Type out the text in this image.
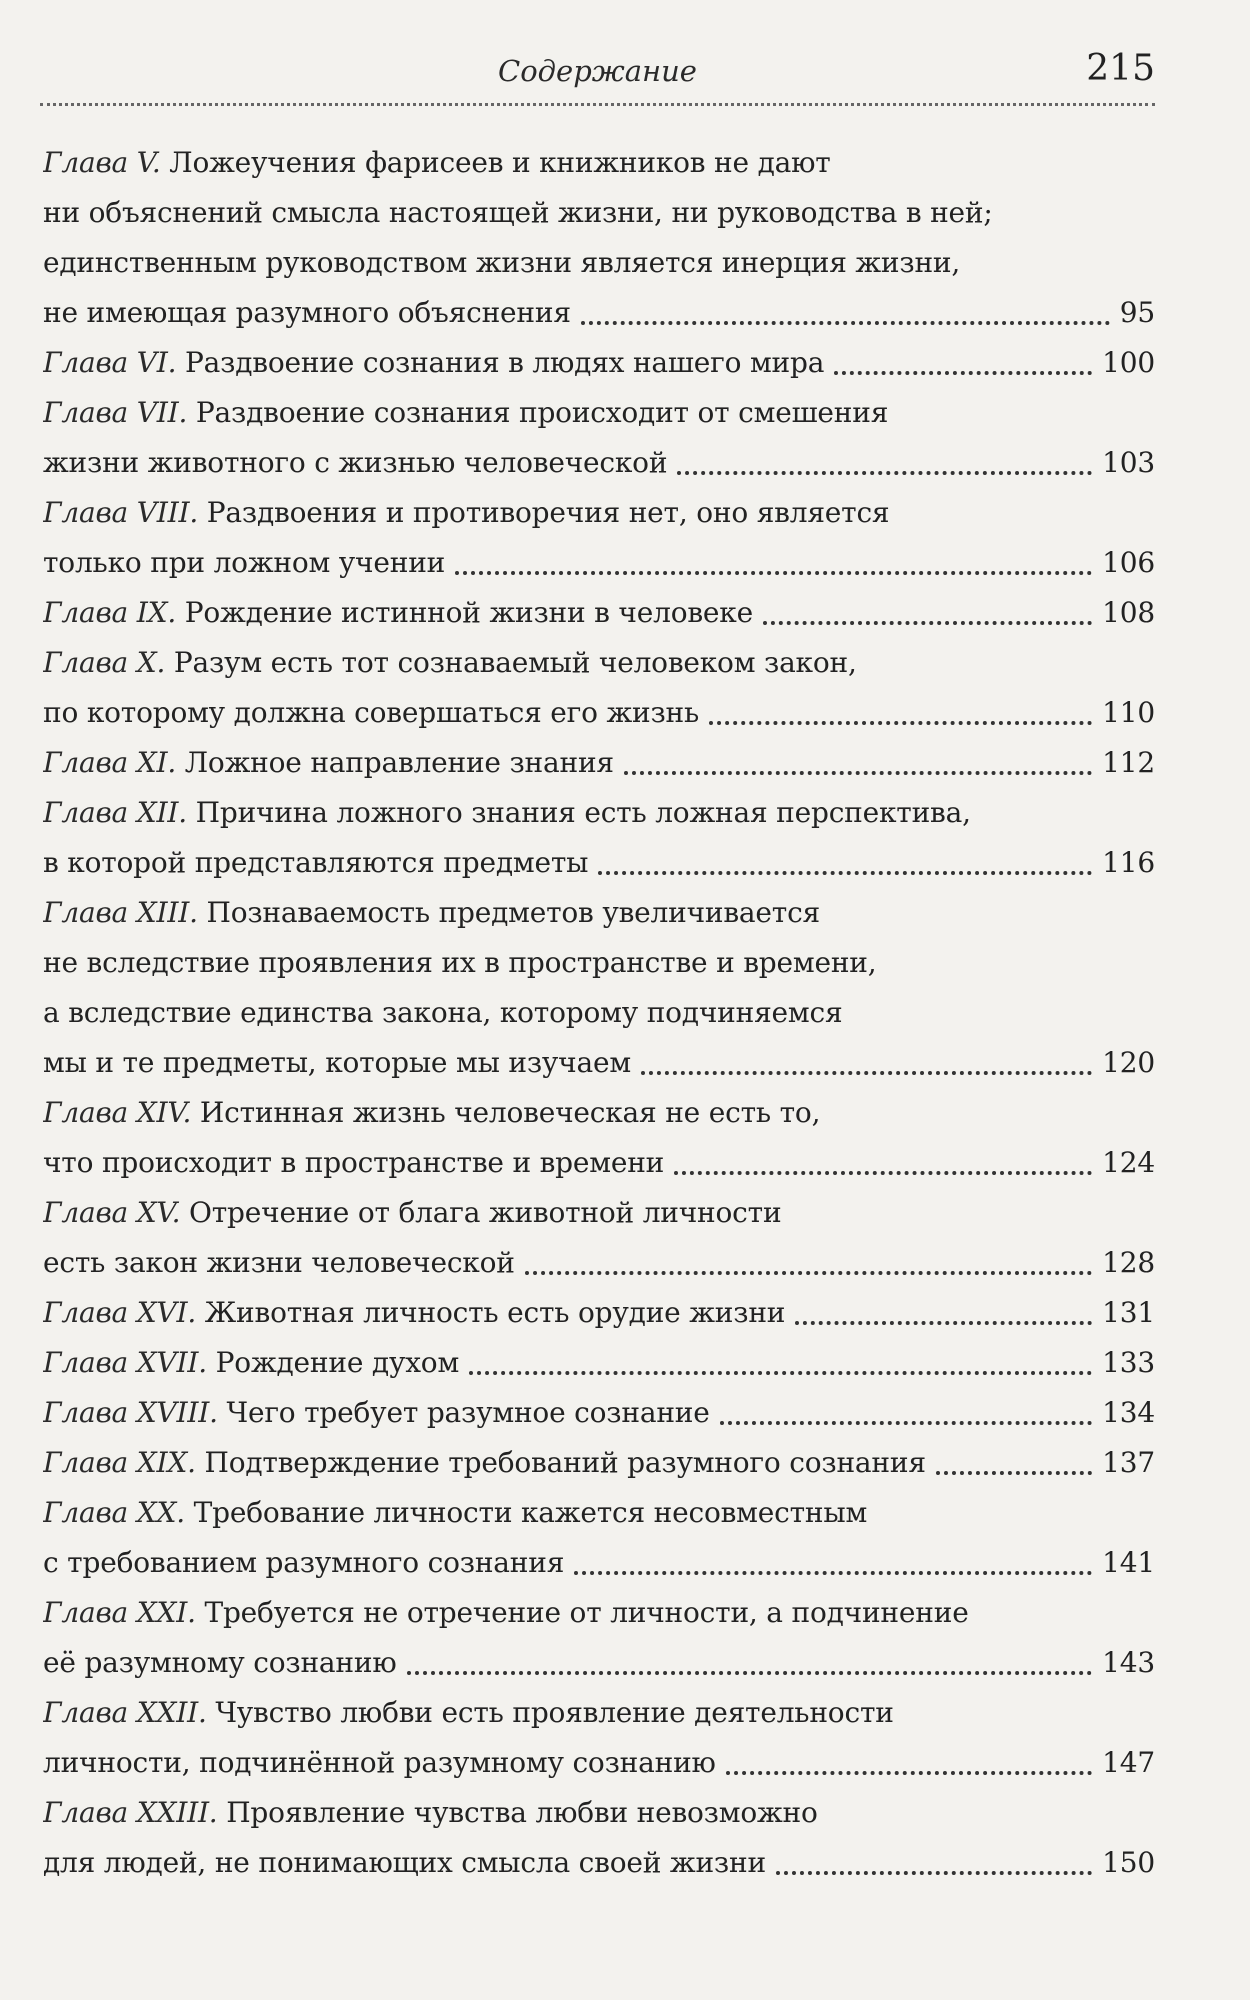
Содержание	215
Глава V. Ложеучения фарисеев и книжников не дают
ни объяснений смысла настоящей жизни, ни руководства в ней;
единственным руководством жизни является инерция жизни,
не имеющая разумного объяснения	95
Глава VI. Раздвоение сознания в людях нашего мира	100
Глава VII. Раздвоение сознания происходит от смешения
жизни животного с жизнью человеческой	103
Глава VIII. Раздвоения и противоречия нет, оно является
только при ложном учении	106
Глава IX. Рождение истинной жизни в человеке	108
Глава X. Разум есть тот сознаваемый человеком закон,
по которому должна совершаться его жизнь	110
Глава XI. Ложное направление знания	112
Глава XII. Причина ложного знания есть ложная перспектива,
в которой представляются предметы	116
Глава XIII. Познаваемость предметов увеличивается
не вследствие проявления их в пространстве и времени,
а вследствие единства закона, которому подчиняемся
мы и те предметы, которые мы изучаем	120
Глава XIV. Истинная жизнь человеческая не есть то,
что происходит в пространстве и времени	124
Глава XV. Отречение от блага животной личности
есть закон жизни человеческой	128
Глава XVI. Животная личность есть орудие жизни	131
Глава XVII. Рождение духом	133
Глава XVIII. Чего требует разумное сознание	134
Глава XIX. Подтверждение требований разумного сознания	137
Глава XX. Требование личности кажется несовместным
с требованием разумного сознания	141
Глава XXI. Требуется не отречение от личности, а подчинение
её разумному сознанию	143
Глава XXII. Чувство любви есть проявление деятельности
личности, подчинённой разумному сознанию	147
Глава XXIII. Проявление чувства любви невозможно
для людей, не понимающих смысла своей жизни	150
